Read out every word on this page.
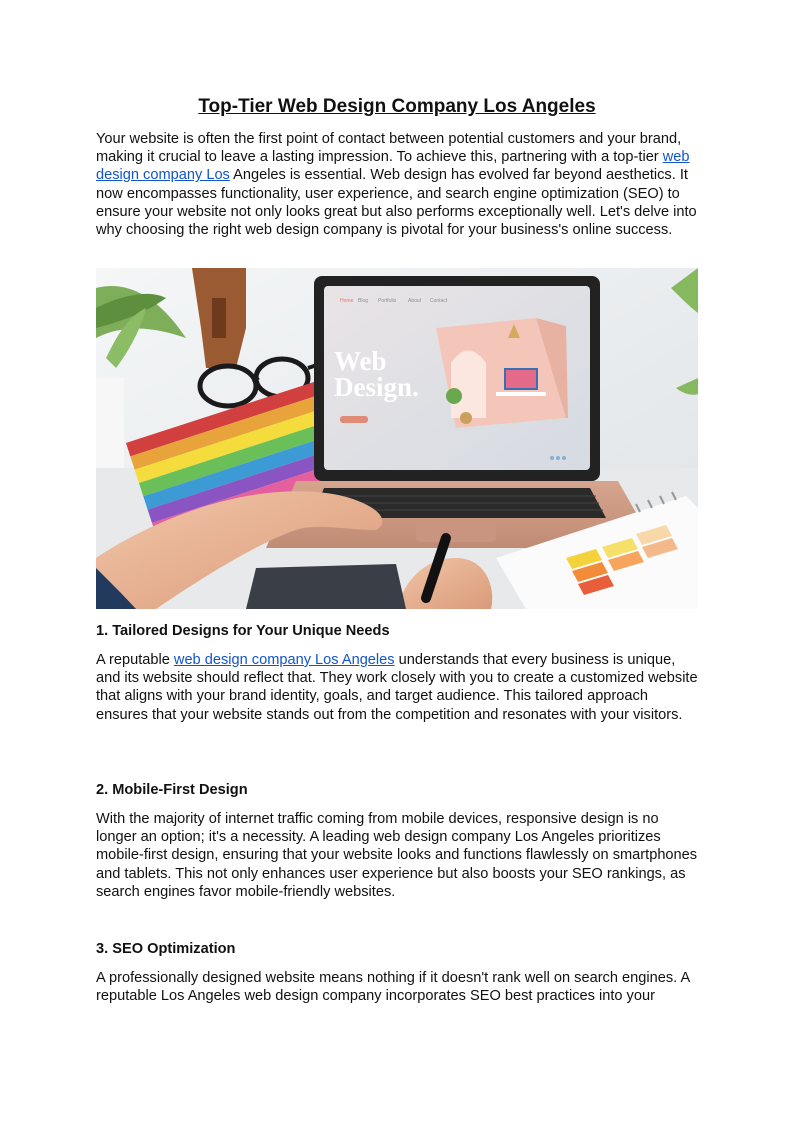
Top-Tier Web Design Company Los Angeles

Your website is often the first point of contact between potential customers and your brand, making it crucial to leave a lasting impression. To achieve this, partnering with a top-tier web design company Los Angeles is essential. Web design has evolved far beyond aesthetics. It now encompasses functionality, user experience, and search engine optimization (SEO) to ensure your website not only looks great but also performs exceptionally well. Let's delve into why choosing the right web design company is pivotal for your business's online success.

Home Blog Portfolio About Contact
Web
Design.
1. Tailored Designs for Your Unique Needs

A reputable web design company Los Angeles understands that every business is unique, and its website should reflect that. They work closely with you to create a customized website that aligns with your brand identity, goals, and target audience. This tailored approach ensures that your website stands out from the competition and resonates with your visitors.

2. Mobile-First Design

With the majority of internet traffic coming from mobile devices, responsive design is no longer an option; it's a necessity. A leading web design company Los Angeles prioritizes mobile-first design, ensuring that your website looks and functions flawlessly on smartphones and tablets. This not only enhances user experience but also boosts your SEO rankings, as search engines favor mobile-friendly websites.

3. SEO Optimization

A professionally designed website means nothing if it doesn't rank well on search engines. A reputable Los Angeles web design company incorporates SEO best practices into your
